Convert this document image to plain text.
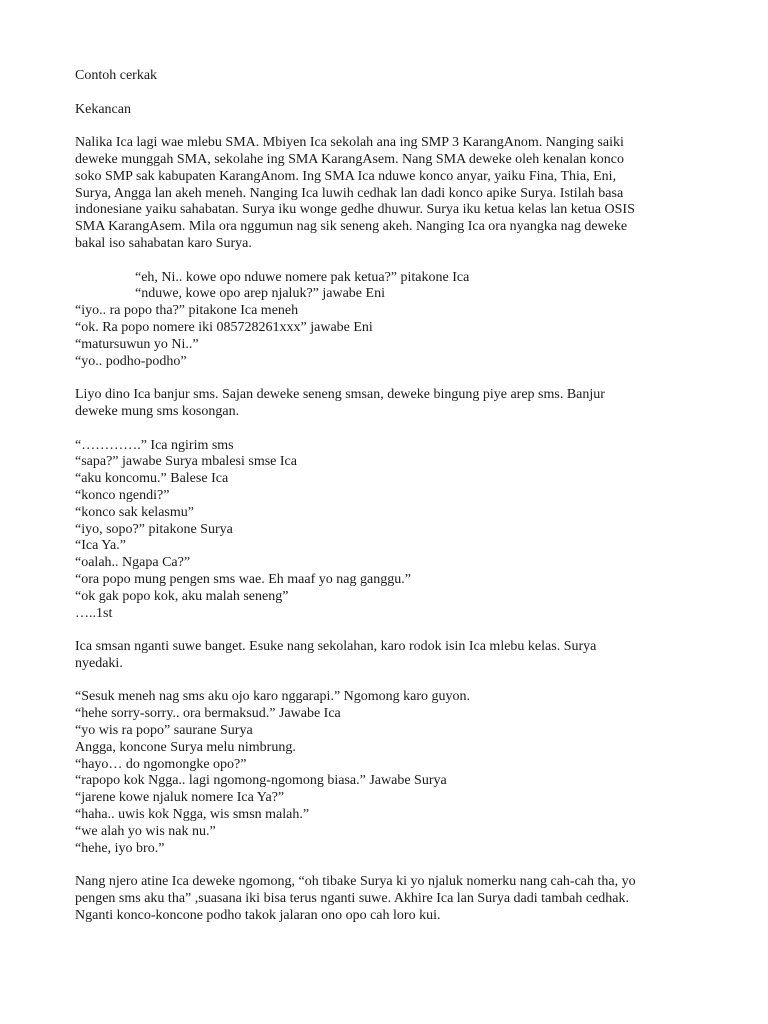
Contoh cerkak
Kekancan
Nalika Ica lagi wae mlebu SMA. Mbiyen Ica sekolah ana ing SMP 3 KarangAnom. Nanging saiki
deweke munggah SMA, sekolahe ing SMA KarangAsem. Nang SMA deweke oleh kenalan konco
soko SMP sak kabupaten KarangAnom. Ing SMA Ica nduwe konco anyar, yaiku Fina, Thia, Eni,
Surya, Angga lan akeh meneh. Nanging Ica luwih cedhak lan dadi konco apike Surya. Istilah basa
indonesiane yaiku sahabatan. Surya iku wonge gedhe dhuwur. Surya iku ketua kelas lan ketua OSIS
SMA KarangAsem. Mila ora nggumun nag sik seneng akeh. Nanging Ica ora nyangka nag deweke
bakal iso sahabatan karo Surya.
“eh, Ni.. kowe opo nduwe nomere pak ketua?” pitakone Ica
“nduwe, kowe opo arep njaluk?” jawabe Eni
“iyo.. ra popo tha?” pitakone Ica meneh
“ok. Ra popo nomere iki 085728261xxx” jawabe Eni
“matursuwun yo Ni..”
“yo.. podho-podho”
Liyo dino Ica banjur sms. Sajan deweke seneng smsan, deweke bingung piye arep sms. Banjur
deweke mung sms kosongan.
“………….” Ica ngirim sms
“sapa?” jawabe Surya mbalesi smse Ica
“aku koncomu.” Balese Ica
“konco ngendi?”
“konco sak kelasmu”
“iyo, sopo?” pitakone Surya
“Ica Ya.”
“oalah.. Ngapa Ca?”
“ora popo mung pengen sms wae. Eh maaf yo nag ganggu.”
“ok gak popo kok, aku malah seneng”
…..1st
Ica smsan nganti suwe banget. Esuke nang sekolahan, karo rodok isin Ica mlebu kelas. Surya
nyedaki.
“Sesuk meneh nag sms aku ojo karo nggarapi.” Ngomong karo guyon.
“hehe sorry-sorry.. ora bermaksud.” Jawabe Ica
“yo wis ra popo” saurane Surya
Angga, koncone Surya melu nimbrung.
“hayo… do ngomongke opo?”
“rapopo kok Ngga.. lagi ngomong-ngomong biasa.” Jawabe Surya
“jarene kowe njaluk nomere Ica Ya?”
“haha.. uwis kok Ngga, wis smsn malah.”
“we alah yo wis nak nu.”
“hehe, iyo bro.”
Nang njero atine Ica deweke ngomong, “oh tibake Surya ki yo njaluk nomerku nang cah-cah tha, yo
pengen sms aku tha” ,suasana iki bisa terus nganti suwe. Akhire Ica lan Surya dadi tambah cedhak.
Nganti konco-koncone podho takok jalaran ono opo cah loro kui.
